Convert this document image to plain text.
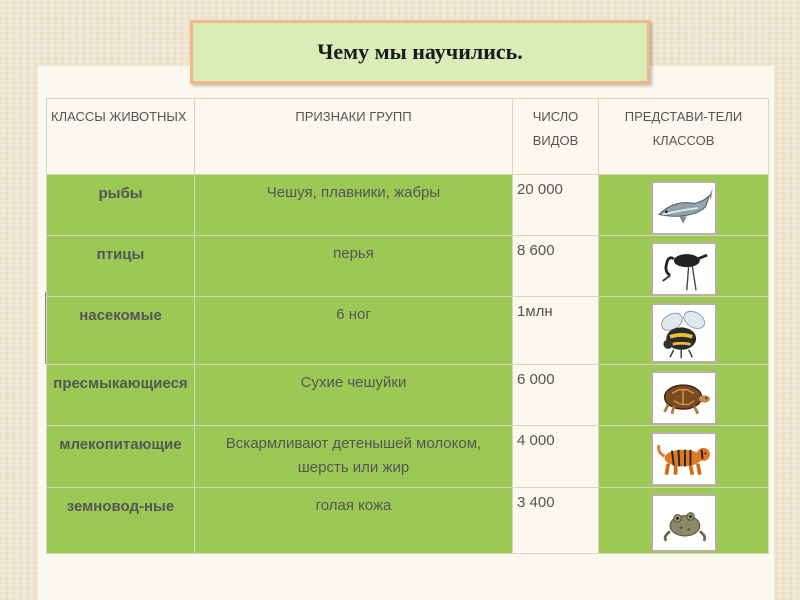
Чему мы научились.
КЛАССЫ ЖИВОТНЫХ	ПРИЗНАКИ ГРУПП	ЧИСЛО ВИДОВ	ПРЕДСТАВИ-ТЕЛИ КЛАССОВ
рыбы	Чешуя, плавники, жабры	20 000	

птицы	перья	8 600	

насекомые	6 ног	1млн	

пресмыкающиеся	Сухие чешуйки	6 000	

млекопитающие	Вскармливают детенышей молоком, шерсть или жир	4 000	

земновод-ные	голая кожа	3 400	
